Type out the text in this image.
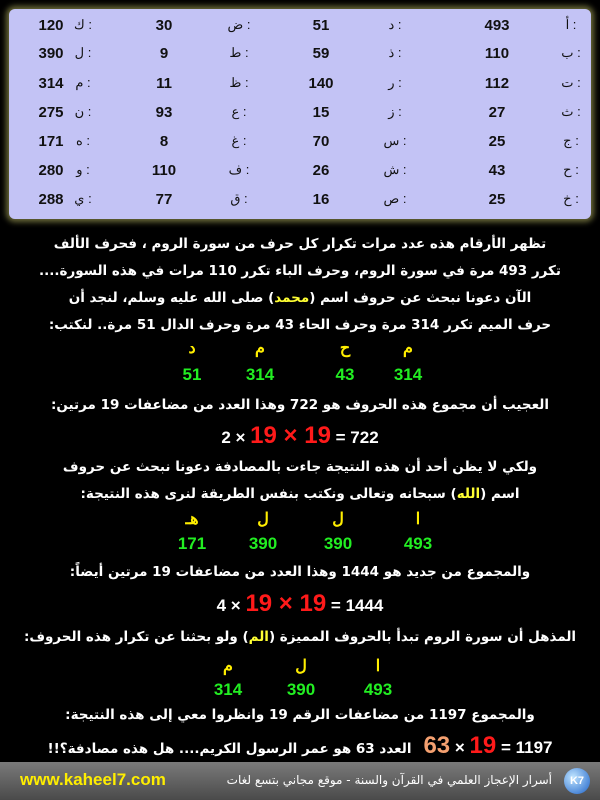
أ :
493
ب :
110
ت :
112
ث :
27
ج :
25
ح :
43
خ :
25
د :
51
ذ :
59
ر :
140
ز :
15
س :
70
ش :
26
ص :
16
ض :
30
ط :
9
ظ :
11
ع :
93
غ :
8
ف :
110
ق :
77
ك :
120
ل :
390
م :
314
ن :
275
ه :
171
و :
280
ي :
288
تظهر الأرقام هذه عدد مرات تكرار كل حرف من سورة الروم ، فحرف الألف
تكرر 493 مرة في سورة الروم، وحرف الباء تكرر 110 مرات في هذه السورة....
الآن دعونا نبحث عن حروف اسم (محمد) صلى الله عليه وسلم، لنجد أن
حرف الميم تكرر 314 مرة وحرف الحاء 43 مرة وحرف الدال 51 مرة.. لنكتب:
م
314
ح
43
م
314
د
51
العجيب أن مجموع هذه الحروف هو 722 وهذا العدد من مضاعفات 19 مرتين:
2 × 19 × 19 = 722
ولكي لا يظن أحد أن هذه النتيجة جاءت بالمصادفة دعونا نبحث عن حروف
اسم (الله) سبحانه وتعالى ونكتب بنفس الطريقة لنرى هذه النتيجة:
ا
493
ل
390
ل
390
هـ
171
والمجموع من جديد هو 1444 وهذا العدد من مضاعفات 19 مرتين أيضاً:
4 × 19 × 19 = 1444
المذهل أن سورة الروم تبدأ بالحروف المميزة (الم) ولو بحثنا عن تكرار هذه الحروف:
ا
493
ل
390
م
314
والمجموع 1197 من مضاعفات الرقم 19 وانظروا معي إلى هذه النتيجة:
العدد 63 هو عمر الرسول الكريم.... هل هذه مصادفة؟!! 63 × 19 = 1197
www.kaheel7.com	أسرار الإعجاز العلمي في القرآن والسنة - موقع مجاني بتسع لغات	K7
